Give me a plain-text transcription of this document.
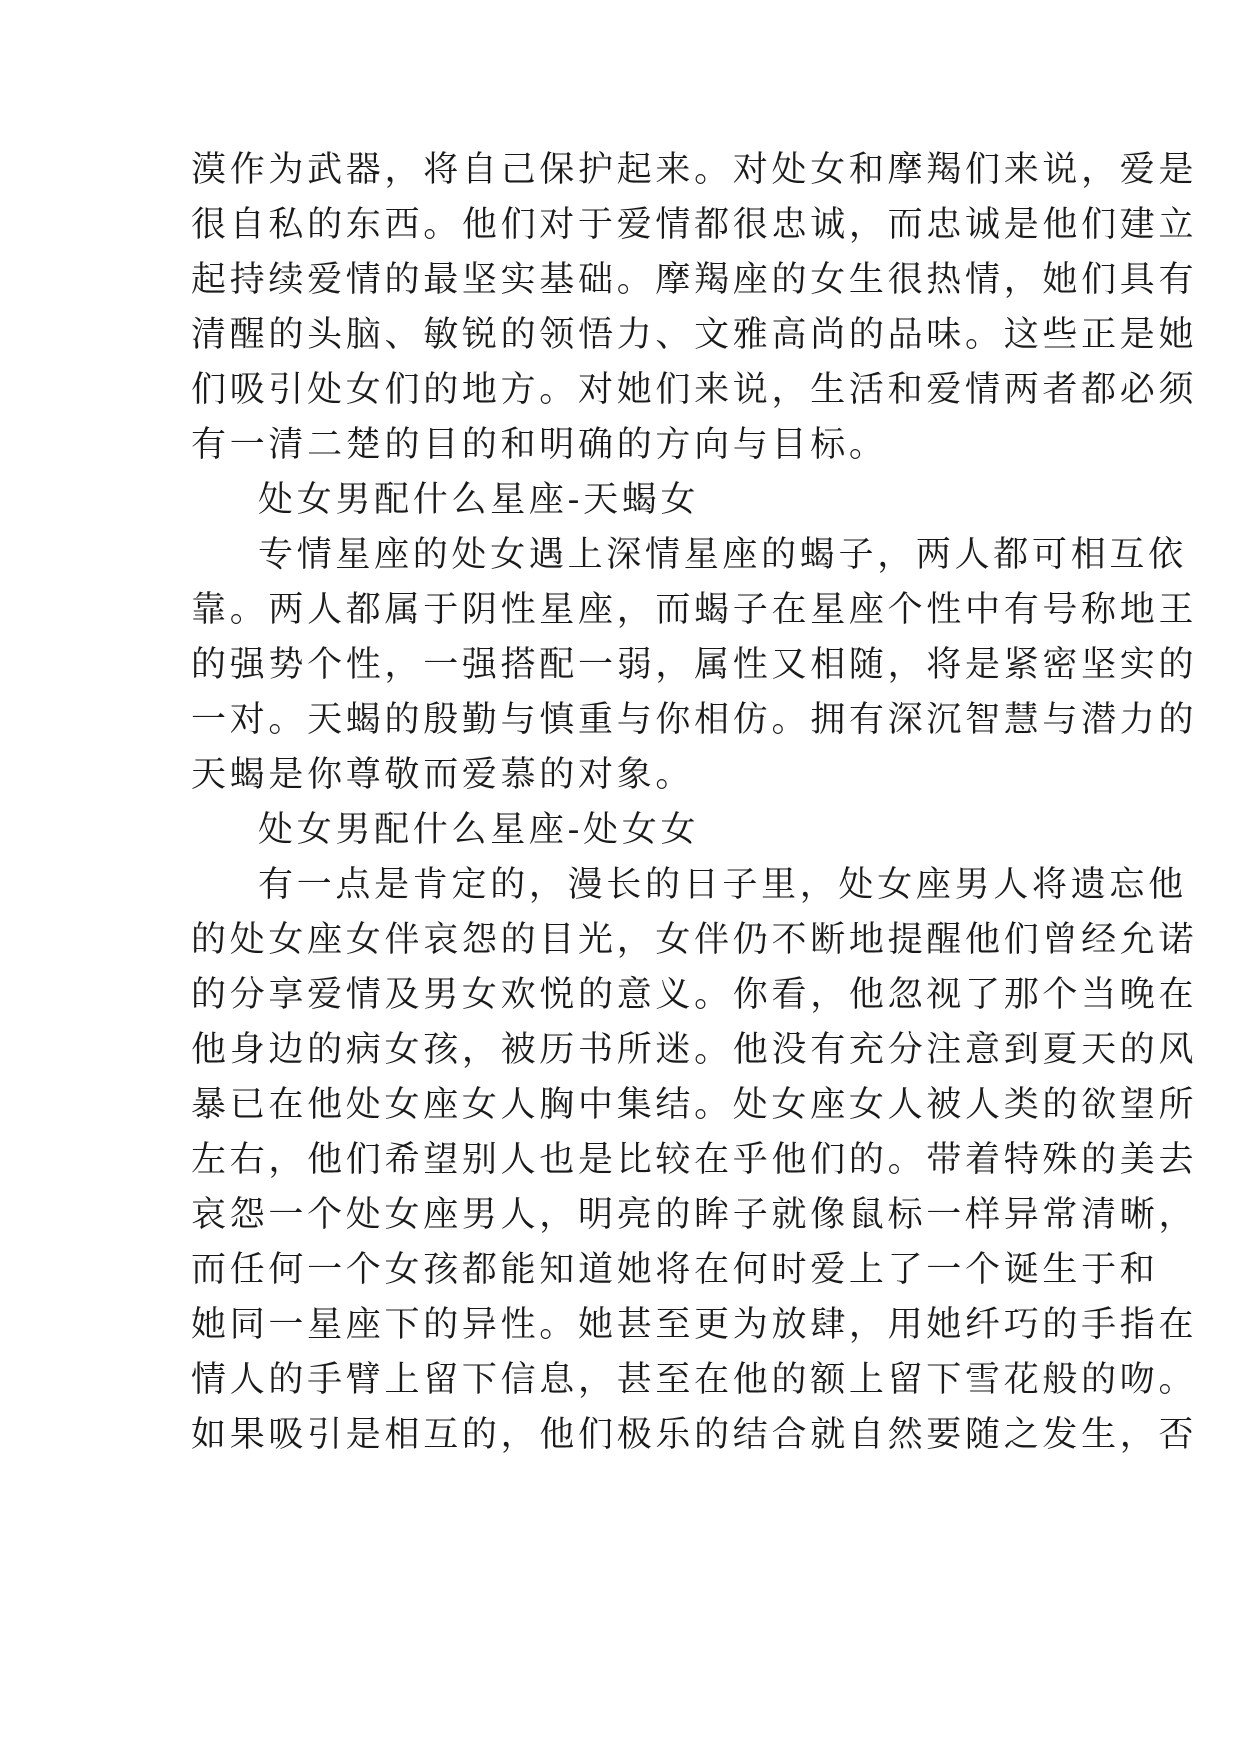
漠作为武器，将自己保护起来。对处女和摩羯们来说，爱是
很自私的东西。他们对于爱情都很忠诚，而忠诚是他们建立
起持续爱情的最坚实基础。摩羯座的女生很热情，她们具有
清醒的头脑、敏锐的领悟力、文雅高尚的品味。这些正是她
们吸引处女们的地方。对她们来说，生活和爱情两者都必须
有一清二楚的目的和明确的方向与目标。
处女男配什么星座-天蝎女
专情星座的处女遇上深情星座的蝎子，两人都可相互依
靠。两人都属于阴性星座，而蝎子在星座个性中有号称地王
的强势个性，一强搭配一弱，属性又相随，将是紧密坚实的
一对。天蝎的殷勤与慎重与你相仿。拥有深沉智慧与潜力的
天蝎是你尊敬而爱慕的对象。
处女男配什么星座-处女女
有一点是肯定的，漫长的日子里，处女座男人将遗忘他
的处女座女伴哀怨的目光，女伴仍不断地提醒他们曾经允诺
的分享爱情及男女欢悦的意义。你看，他忽视了那个当晚在
他身边的病女孩，被历书所迷。他没有充分注意到夏天的风
暴已在他处女座女人胸中集结。处女座女人被人类的欲望所
左右，他们希望别人也是比较在乎他们的。带着特殊的美去
哀怨一个处女座男人，明亮的眸子就像鼠标一样异常清晰，
而任何一个女孩都能知道她将在何时爱上了一个诞生于和
她同一星座下的异性。她甚至更为放肆，用她纤巧的手指在
情人的手臂上留下信息，甚至在他的额上留下雪花般的吻。
如果吸引是相互的，他们极乐的结合就自然要随之发生，否
